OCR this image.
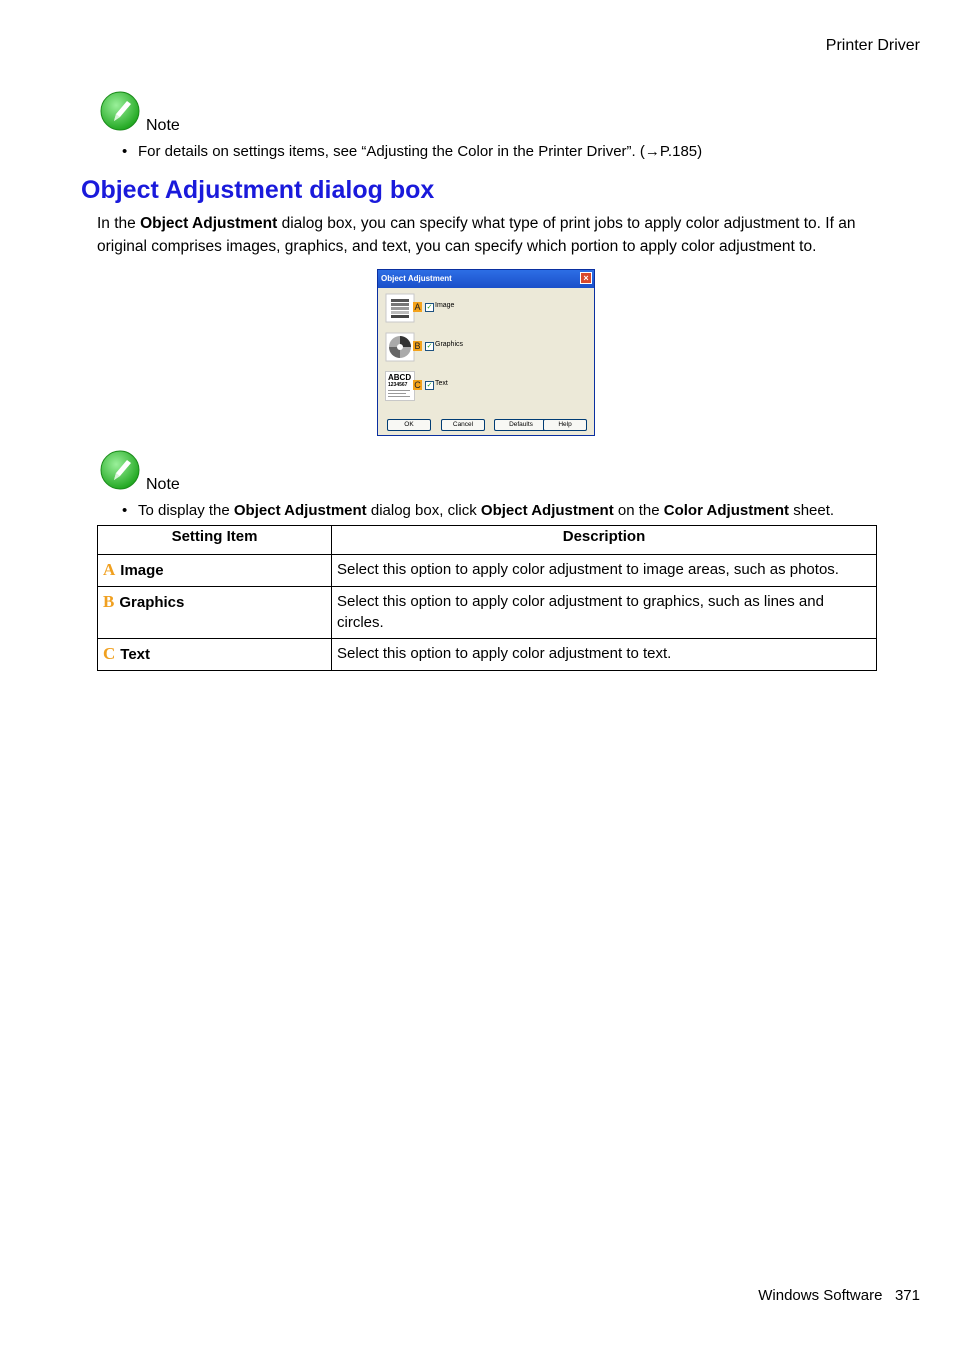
Printer Driver
Note
• For details on settings items, see “Adjusting the Color in the Printer Driver”. (→P.185)
Object Adjustment dialog box
In the Object Adjustment dialog box, you can specify what type of print jobs to apply color adjustment to. If an original comprises images, graphics, and text, you can specify which portion to apply color adjustment to.
Object Adjustment	×
A ✓ Image
B ✓ Graphics
ABCD
1234567 C ✓ Text
OK	Cancel	Defaults	Help
Note
• To display the Object Adjustment dialog box, click Object Adjustment on the Color Adjustment sheet.
Setting Item	Description
A Image	Select this option to apply color adjustment to image areas, such as photos.
B Graphics	Select this option to apply color adjustment to graphics, such as lines and circles.
C Text	Select this option to apply color adjustment to text.
Windows Software 371
